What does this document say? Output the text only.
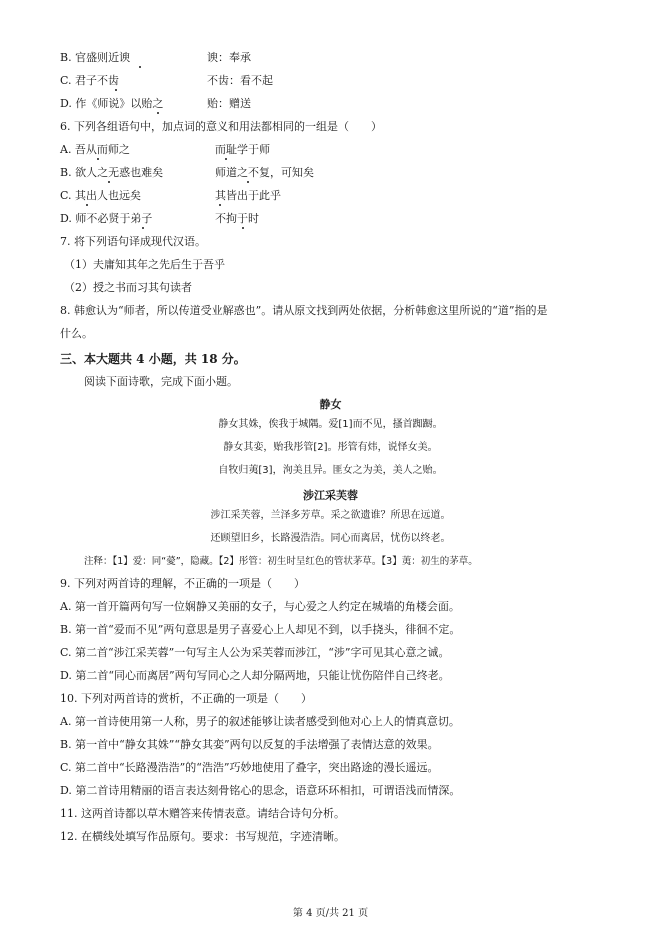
B. 官盛则近谀	谀：奉承
C. 君子不齿	不齿：看不起
D. 作《师说》以贻之	贻：赠送
6. 下列各组语句中，加点词的意义和用法都相同的一组是（　　）
A. 吾从而师之	而耻学于师
B. 欲人之无惑也难矣	师道之不复，可知矣
C. 其出人也远矣	其皆出于此乎
D. 师不必贤于弟子	不拘于时
7. 将下列语句译成现代汉语。
（1）夫庸知其年之先后生于吾乎
（2）授之书而习其句读者
8. 韩愈认为“师者，所以传道受业解惑也”。请从原文找到两处依据，分析韩愈这里所说的“道”指的是
什么。
三、本大题共 4 小题，共 18 分。
阅读下面诗歌，完成下面小题。
静女
静女其姝，俟我于城隅。爱[1]而不见，搔首踟蹰。
静女其娈，贻我彤管[2]。彤管有炜，说怿女美。
自牧归荑[3]，洵美且异。匪女之为美，美人之贻。
涉江采芙蓉
涉江采芙蓉，兰泽多芳草。采之欲遗谁？所思在远道。
还顾望旧乡，长路漫浩浩。同心而离居，忧伤以终老。
注释：【1】爱：同“薆”，隐藏。【2】彤管：初生时呈红色的管状茅草。【3】荑：初生的茅草。
9. 下列对两首诗的理解，不正确的一项是（　　）
A. 第一首开篇两句写一位娴静又美丽的女子，与心爱之人约定在城墙的角楼会面。
B. 第一首“爱而不见”两句意思是男子喜爱心上人却见不到，以手挠头，徘徊不定。
C. 第二首“涉江采芙蓉”一句写主人公为采芙蓉而涉江，“涉”字可见其心意之诚。
D. 第二首“同心而离居”两句写同心之人却分隔两地，只能让忧伤陪伴自己终老。
10. 下列对两首诗的赏析，不正确的一项是（　　）
A. 第一首诗使用第一人称，男子的叙述能够让读者感受到他对心上人的情真意切。
B. 第一首中“静女其姝”“静女其娈”两句以反复的手法增强了表情达意的效果。
C. 第二首中“长路漫浩浩”的“浩浩”巧妙地使用了叠字，突出路途的漫长遥远。
D. 第二首诗用精丽的语言表达刻骨铭心的思念，语意环环相扣，可谓语浅而情深。
11. 这两首诗都以草木赠答来传情表意。请结合诗句分析。
12. 在横线处填写作品原句。要求：书写规范，字迹清晰。
第 4 页/共 21 页
